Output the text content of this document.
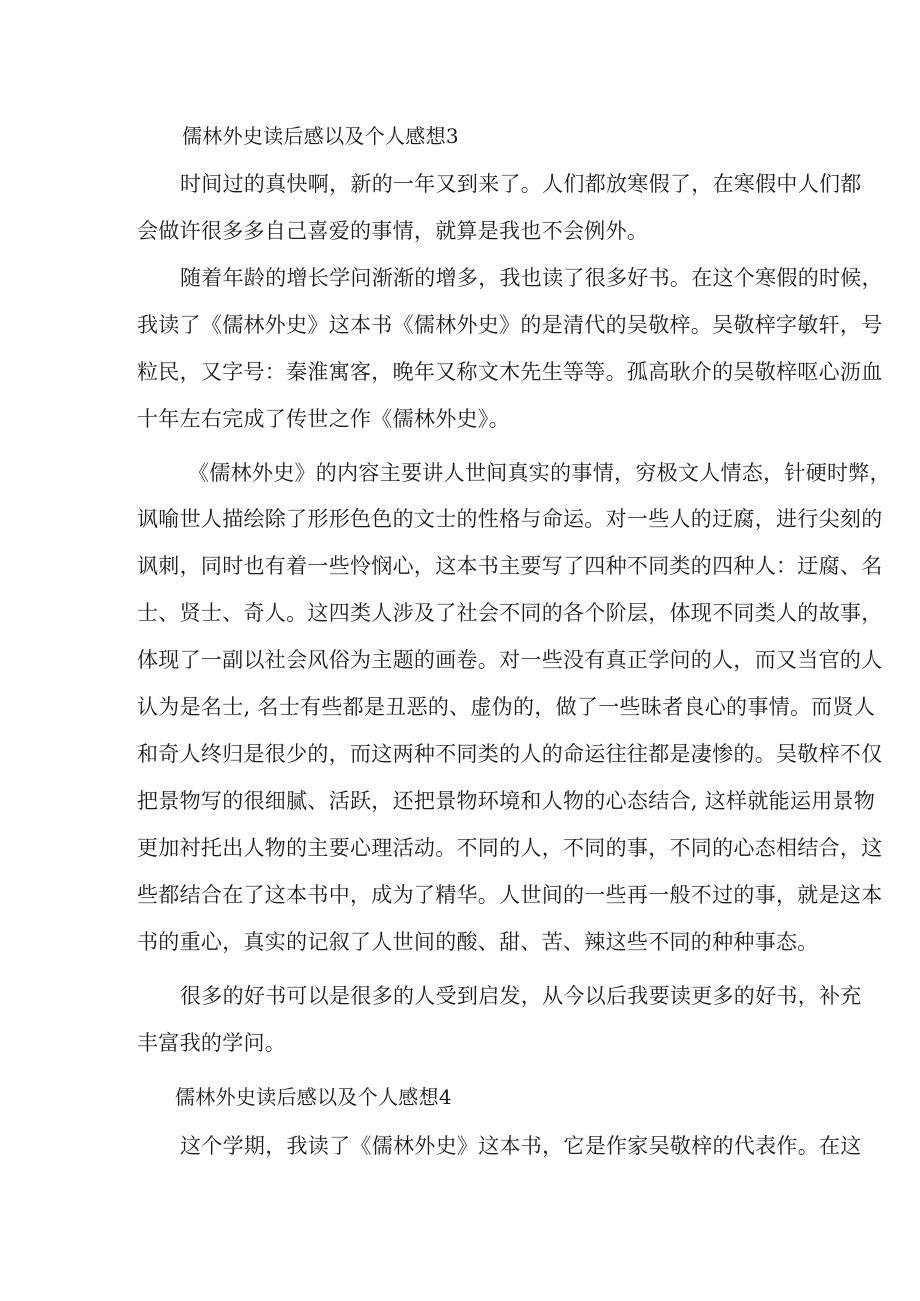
儒林外史读后感以及个人感想3
时间过的真快啊，新的一年又到来了。人们都放寒假了，在寒假中人们都
会做许很多多自己喜爱的事情，就算是我也不会例外。
随着年龄的增长学问渐渐的增多，我也读了很多好书。在这个寒假的时候，
我读了《儒林外史》这本书《儒林外史》的是清代的吴敬梓。吴敬梓字敏轩，号
粒民，又字号：秦淮寓客，晚年又称文木先生等等。孤高耿介的吴敬梓呕心沥血
十年左右完成了传世之作《儒林外史》。
《儒林外史》的内容主要讲人世间真实的事情，穷极文人情态，针硬时弊，
讽喻世人描绘除了形形色色的文士的性格与命运。对一些人的迂腐，进行尖刻的
讽刺，同时也有着一些怜悯心，这本书主要写了四种不同类的四种人：迂腐、名
士、贤士、奇人。这四类人涉及了社会不同的各个阶层，体现不同类人的故事，
体现了一副以社会风俗为主题的画卷。对一些没有真正学问的人，而又当官的人
认为是名士, 名士有些都是丑恶的、虚伪的，做了一些昧者良心的事情。而贤人
和奇人终归是很少的，而这两种不同类的人的命运往往都是凄惨的。吴敬梓不仅
把景物写的很细腻、活跃，还把景物环境和人物的心态结合, 这样就能运用景物
更加衬托出人物的主要心理活动。不同的人，不同的事，不同的心态相结合，这
些都结合在了这本书中，成为了精华。人世间的一些再一般不过的事，就是这本
书的重心，真实的记叙了人世间的酸、甜、苦、辣这些不同的种种事态。
很多的好书可以是很多的人受到启发，从今以后我要读更多的好书，补充
丰富我的学问。
儒林外史读后感以及个人感想4
这个学期，我读了《儒林外史》这本书，它是作家吴敬梓的代表作。在这
